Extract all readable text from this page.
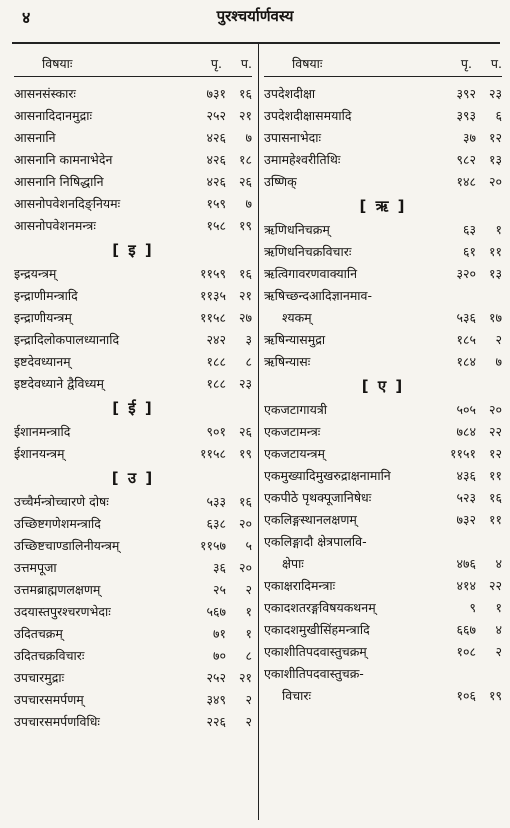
४	पुरश्चर्यार्णवस्य
विषयाः	पृ.	प.
आसनसंस्कारः	७३१	१६
आसनादिदानमुद्राः	२५२	२१
आसनानि	४२६	७
आसनानि कामनाभेदेन	४२६	१८
आसनानि निषिद्धानि	४२६	२६
आसनोपवेशनदिङ्नियमः	१५९	७
आसनोपवेशनमन्त्रः	१५८	१९
[ इ ]
इन्द्रयन्त्रम्	११५९	१६
इन्द्राणीमन्त्रादि	११३५	२१
इन्द्राणीयन्त्रम्	११५८	२७
इन्द्रादिलोकपालध्यानादि	२४२	३
इष्टदेवध्यानम्	१८८	८
इष्टदेवध्याने द्वैविध्यम्	१८८	२३
[ ई ]
ईशानमन्त्रादि	९०१	२६
ईशानयन्त्रम्	११५८	१९
[ उ ]
उच्चैर्मन्त्रोच्चारणे दोषः	५३३	१६
उच्छिष्टगणेशमन्त्रादि	६३८	२०
उच्छिष्टचाण्डालिनीयन्त्रम्	११५७	५
उत्तमपूजा	३६	२०
उत्तमब्राह्मणलक्षणम्	२५	२
उदयास्तपुरश्चरणभेदाः	५६७	१
उदितचक्रम्	७१	१
उदितचक्रविचारः	७०	८
उपचारमुद्राः	२५२	२१
उपचारसमर्पणम्	३४९	२
उपचारसमर्पणविधिः	२२६	२
विषयाः	पृ.	प.
उपदेशदीक्षा	३९२	२३
उपदेशदीक्षासमयादि	३९३	६
उपासनाभेदाः	३७	१२
उमामहेश्वरीतिथिः	९८२	१३
उष्णिक्	१४८	२०
[ ऋ ]
ऋणिधनिचक्रम्	६३	१
ऋणिधनिचक्रविचारः	६१	११
ऋत्विगावरणवाक्यानि	३२०	१३
ऋषिच्छन्दआदिज्ञानमाव-
श्यकम्	५३६	१७
ऋषिन्यासमुद्रा	१८५	२
ऋषिन्यासः	१८४	७
[ ए ]
एकजटागायत्री	५०५	२०
एकजटामन्त्रः	७८४	२२
एकजटायन्त्रम्	११५१	१२
एकमुख्यादिमुखरुद्राक्षनामानि	४३६	११
एकपीठे पृथक्पूजानिषेधः	५२३	१६
एकलिङ्गस्थानलक्षणम्	७३२	११
एकलिङ्गादौ क्षेत्रपालवि-
क्षेपाः	४७६	४
एकाक्षरादिमन्त्राः	४१४	२२
एकादशतरङ्गविषयकथनम्	९	१
एकादशमुखीसिंहमन्त्रादि	६६७	४
एकाशीतिपदवास्तुचक्रम्	१०८	२
एकाशीतिपदवास्तुचक्र-
विचारः	१०६	१९
